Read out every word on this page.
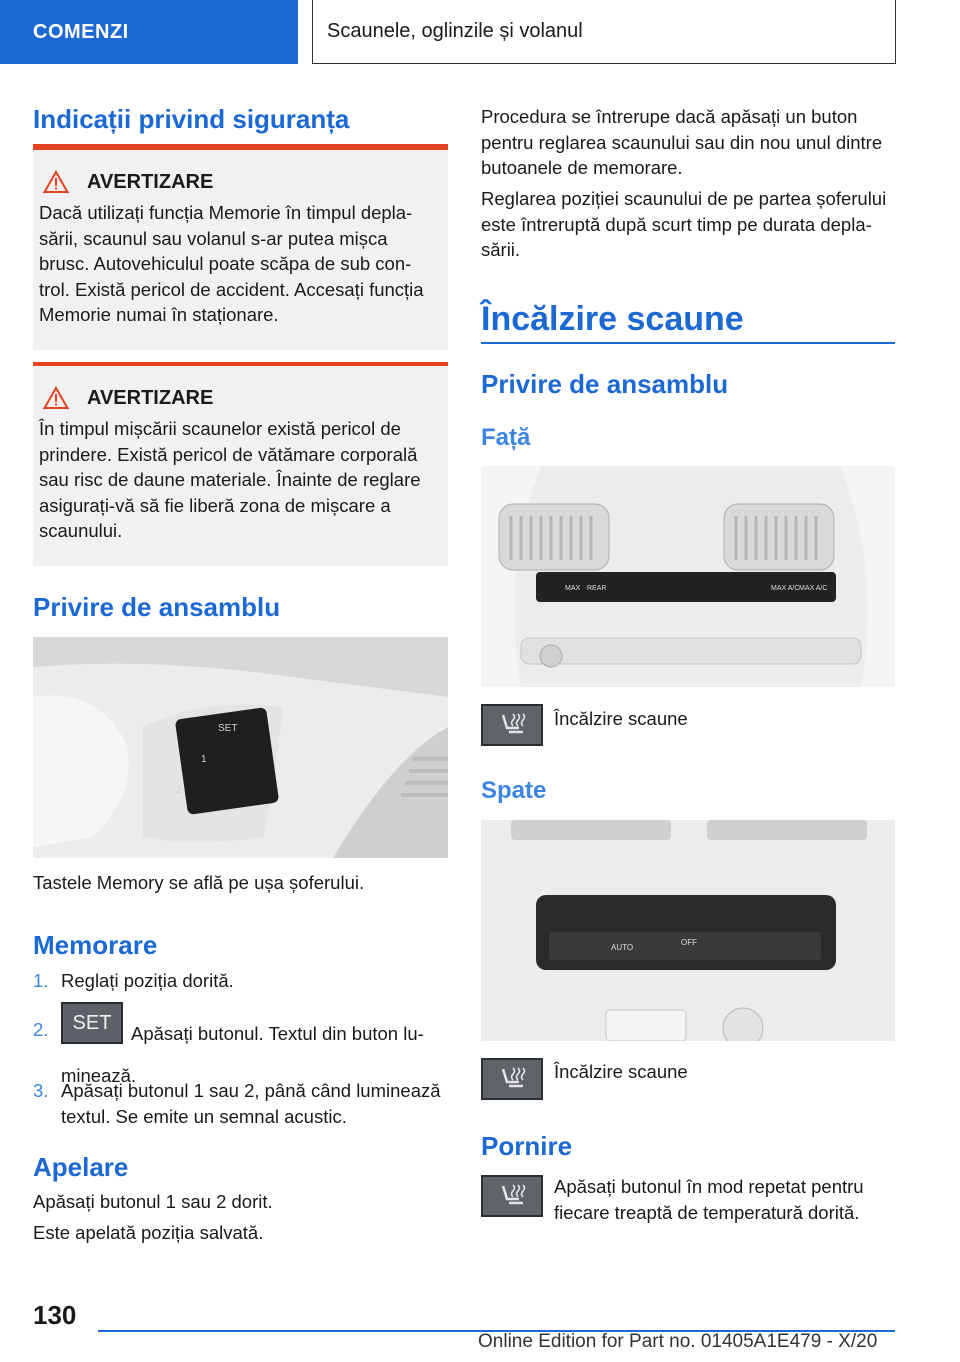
COMENZI	Scaunele, oglinzile și volanul
Indicații privind siguranța
AVERTIZARE
Dacă utilizați funcția Memorie în timpul depla-sării, scaunul sau volanul s-ar putea mișca brusc. Autovehiculul poate scăpa de sub con-trol. Există pericol de accident. Accesați funcția Memorie numai în staționare.
AVERTIZARE
În timpul mișcării scaunelor există pericol de prindere. Există pericol de vătămare corporală sau risc de daune materiale. Înainte de reglare asigurați-vă să fie liberă zona de mișcare a scaunului.
Privire de ansamblu
SET
1
2
Tastele Memory se află pe ușa șoferului.
Memorare
1. Reglați poziția dorită.
2.	SET Apăsați butonul. Textul din buton lu-minează.
3. Apăsați butonul 1 sau 2, până când luminează textul. Se emite un semnal acustic.
Apelare
Apăsați butonul 1 sau 2 dorit.
Este apelată poziția salvată.
Procedura se întrerupe dacă apăsați un buton pentru reglarea scaunului sau din nou unul dintre butoanele de memorare.
Reglarea poziției scaunului de pe partea șoferului este întreruptă după scurt timp pe durata depla-sării.
Încălzire scaune
Privire de ansamblu
Față
MAX REAR	MAX A/C MAX A/C
Încălzire scaune
Spate
AUTO
OFF
Încălzire scaune
Pornire
Apăsați butonul în mod repetat pentru fiecare treaptă de temperatură dorită.
130
Online Edition for Part no. 01405A1E479 - X/20
